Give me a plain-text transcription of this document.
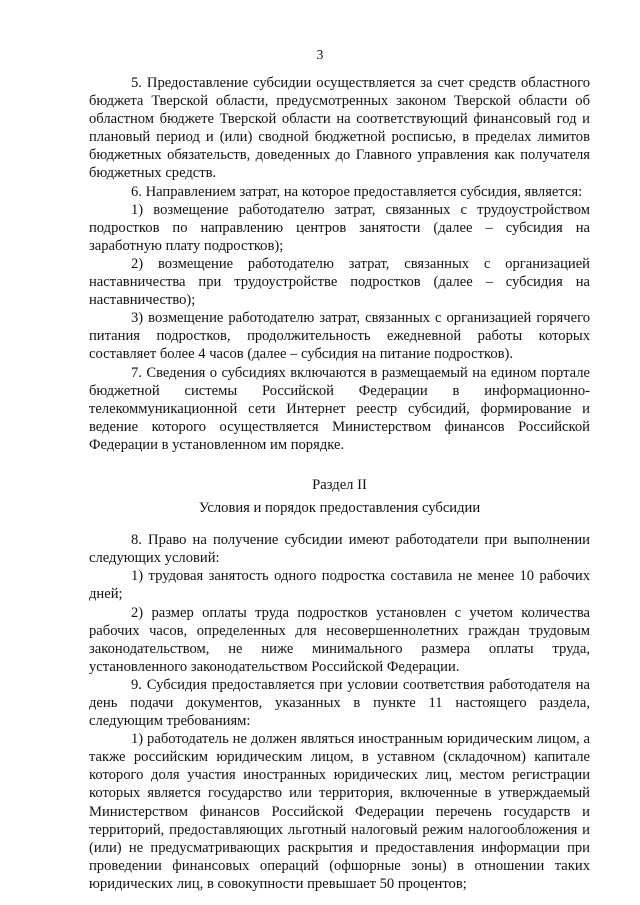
3

5. Предоставление субсидии осуществляется за счет средств областного бюджета Тверской области, предусмотренных законом Тверской области об областном бюджете Тверской области на соответствующий финансовый год и плановый период и (или) сводной бюджетной росписью, в пределах лимитов бюджетных обязательств, доведенных до Главного управления как получателя бюджетных средств.

6. Направлением затрат, на которое предоставляется субсидия, является:

1) возмещение работодателю затрат, связанных с трудоустройством подростков по направлению центров занятости (далее – субсидия на заработную плату подростков);

2) возмещение работодателю затрат, связанных с организацией наставничества при трудоустройстве подростков (далее – субсидия на наставничество);

3) возмещение работодателю затрат, связанных с организацией горячего питания подростков, продолжительность ежедневной работы которых составляет более 4 часов (далее – субсидия на питание подростков).

7. Сведения о субсидиях включаются в размещаемый на едином портале бюджетной системы Российской Федерации в информационно-телекоммуникационной сети Интернет реестр субсидий, формирование и ведение которого осуществляется Министерством финансов Российской Федерации в установленном им порядке.

Раздел II
Условия и порядок предоставления субсидии

8. Право на получение субсидии имеют работодатели при выполнении следующих условий:

1) трудовая занятость одного подростка составила не менее 10 рабочих дней;

2) размер оплаты труда подростков установлен с учетом количества рабочих часов, определенных для несовершеннолетних граждан трудовым законодательством, не ниже минимального размера оплаты труда, установленного законодательством Российской Федерации.

9. Субсидия предоставляется при условии соответствия работодателя на день подачи документов, указанных в пункте 11 настоящего раздела, следующим требованиям:

1) работодатель не должен являться иностранным юридическим лицом, а также российским юридическим лицом, в уставном (складочном) капитале которого доля участия иностранных юридических лиц, местом регистрации которых является государство или территория, включенные в утверждаемый Министерством финансов Российской Федерации перечень государств и территорий, предоставляющих льготный налоговый режим налогообложения и (или) не предусматривающих раскрытия и предоставления информации при проведении финансовых операций (офшорные зоны) в отношении таких юридических лиц, в совокупности превышает 50 процентов;
